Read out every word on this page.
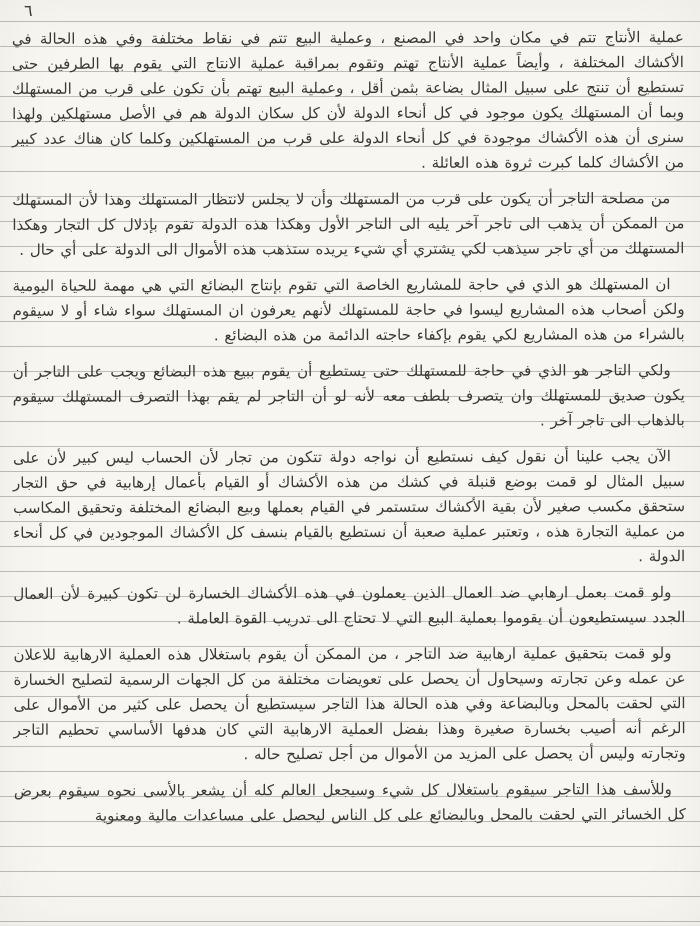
٦

عملية الأنتاج تتم في مكان واحد في المصنع ، وعملية البيع تتم في نقاط مختلفة وفي هذه الحالة في الأكشاك المختلفة ، وأيضاً عملية الأنتاج تهتم وتقوم بمراقبة عملية الانتاج التي يقوم بها الطرفين حتى تستطيع أن تنتج على سبيل المثال بضاعة بثمن أقل ، وعملية البيع تهتم بأن تكون على قرب من المستهلك وبما أن المستهلك يكون موجود في كل أنحاء الدولة لأن كل سكان الدولة هم في الأصل مستهلكين ولهذا سنرى أن هذه الأكشاك موجودة في كل أنحاء الدولة على قرب من المستهلكين وكلما كان هناك عدد كبير من الأكشاك كلما كبرت ثروة هذه العائلة .

من مصلحة التاجر أن يكون على قرب من المستهلك وأن لا يجلس لانتظار المستهلك وهذا لأن المستهلك من الممكن أن يذهب الى تاجر آخر يليه الى التاجر الأول وهكذا هذه الدولة تقوم بإذلال كل التجار وهكذا المستهلك من أي تاجر سيذهب لكي يشتري أي شيء يريده ستذهب هذه الأموال الى الدولة على أي حال .

ان المستهلك هو الذي في حاجة للمشاريع الخاصة التي تقوم بإنتاج البضائع التي هي مهمة للحياة اليومية ولكن أصحاب هذه المشاريع ليسوا في حاجة للمستهلك لأنهم يعرفون ان المستهلك سواء شاء أو لا سيقوم بالشراء من هذه المشاريع لكي يقوم بإكفاء حاجته الدائمة من هذه البضائع .

ولكي التاجر هو الذي في حاجة للمستهلك حتى يستطيع أن يقوم ببيع هذه البضائع ويجب على التاجر أن يكون صديق للمستهلك وان يتصرف بلطف معه لأنه لو أن التاجر لم يقم بهذا التصرف المستهلك سيقوم بالذهاب الى تاجر آخر .

الآن يجب علينا أن نقول كيف نستطيع أن نواجه دولة تتكون من تجار لأن الحساب ليس كبير لأن على سبيل المثال لو قمت بوضع قنبلة في كشك من هذه الأكشاك أو القيام بأعمال إرهابية في حق التجار ستحقق مكسب صغير لأن بقية الأكشاك ستستمر في القيام بعملها وبيع البضائع المختلفة وتحقيق المكاسب من عملية التجارة هذه ، وتعتبر عملية صعبة أن نستطيع بالقيام بنسف كل الأكشاك الموجودين في كل أنحاء الدولة .

ولو قمت بعمل ارهابي ضد العمال الذين يعملون في هذه الأكشاك الخسارة لن تكون كبيرة لأن العمال الجدد سيستطيعون أن يقوموا بعملية البيع التي لا تحتاج الى تدريب القوة العاملة .

ولو قمت بتحقيق عملية ارهابية ضد التاجر ، من الممكن أن يقوم باستغلال هذه العملية الارهابية للاعلان عن عمله وعن تجارته وسيحاول أن يحصل على تعويضات مختلفة من كل الجهات الرسمية لتصليح الخسارة التي لحقت بالمحل وبالبضاعة وفي هذه الحالة هذا التاجر سيستطيع أن يحصل على كثير من الأموال على الرغم أنه أصيب بخسارة صغيرة وهذا بفضل العملية الارهابية التي كان هدفها الأساسي تحطيم التاجر وتجارته وليس أن يحصل على المزيد من الأموال من أجل تصليح حاله .

وللأسف هذا التاجر سيقوم باستغلال كل شيء وسيجعل العالم كله أن يشعر بالأسى نحوه سيقوم بعرض كل الخسائر التي لحقت بالمحل وبالبضائع على كل الناس ليحصل على مساعدات مالية ومعنوية
